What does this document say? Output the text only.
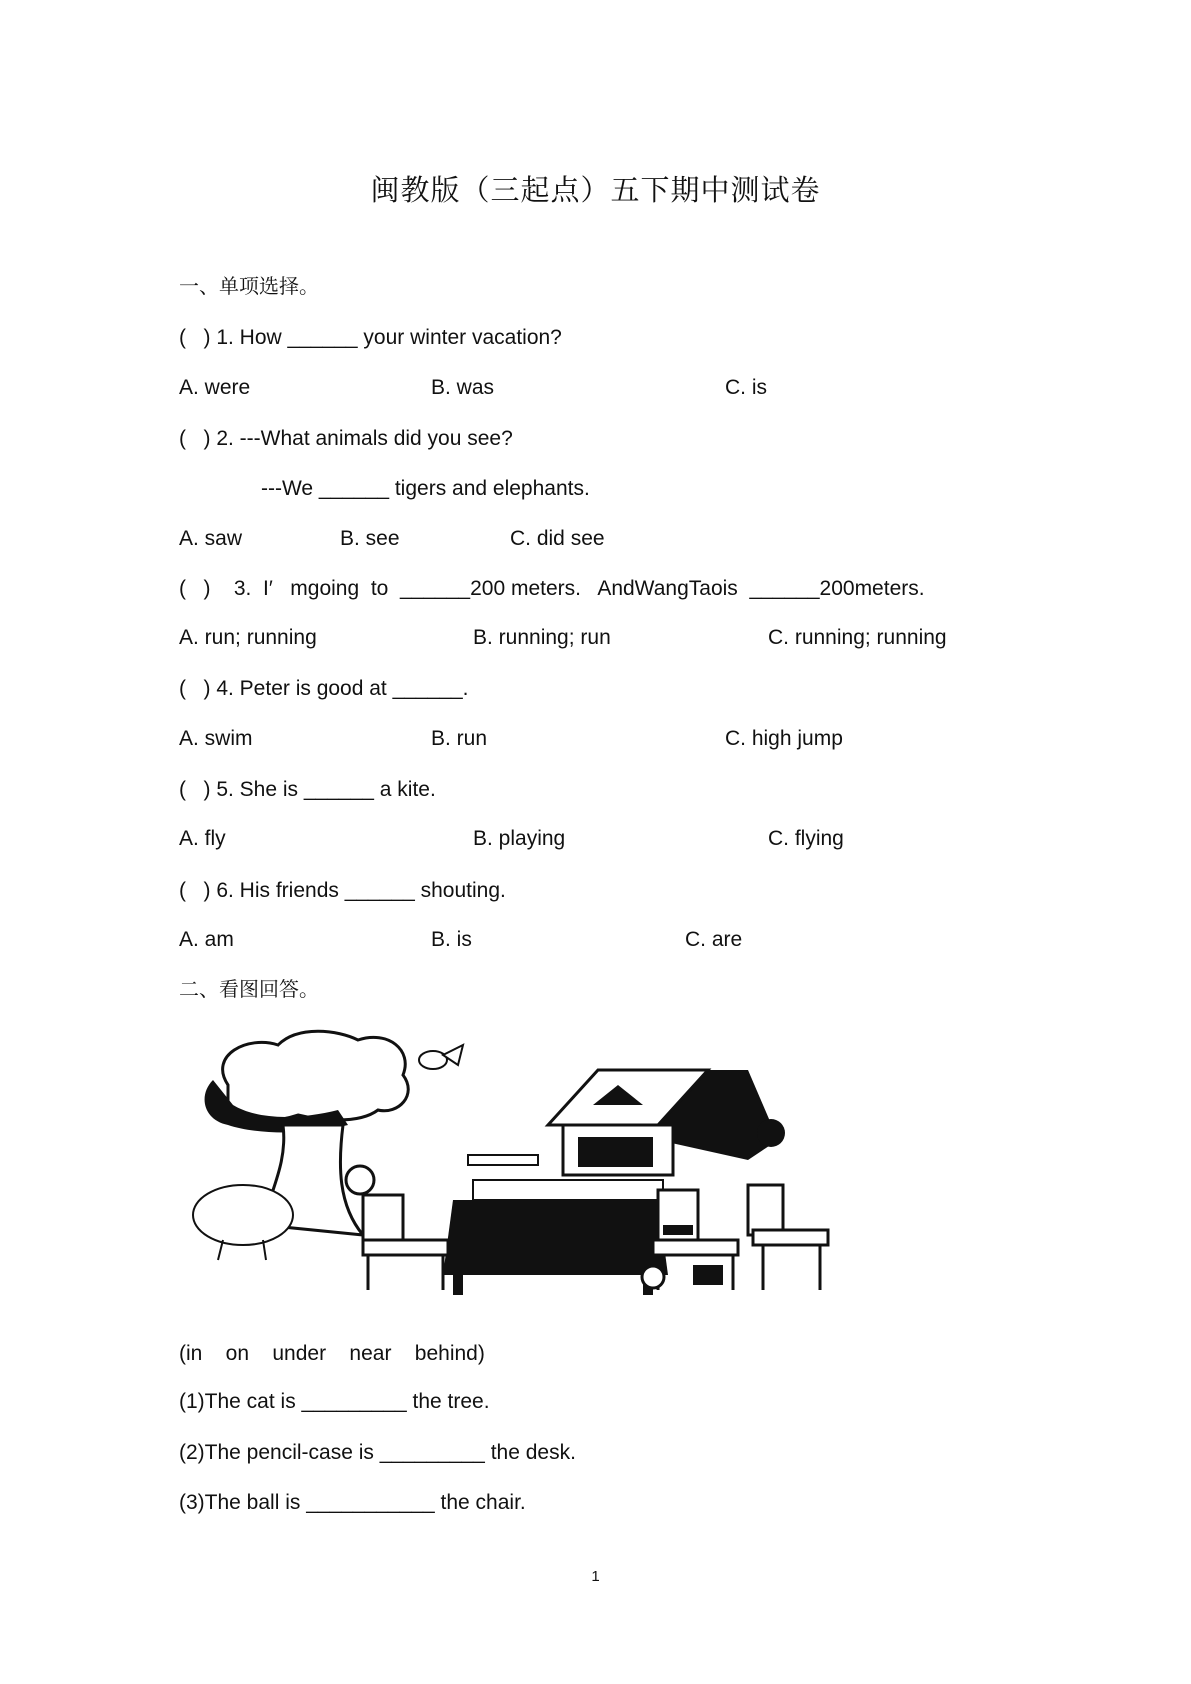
闽教版（三起点）五下期中测试卷
一、单项选择。
(   ) 1. How ______ your winter vacation?
A. were	B. was	C. is
(   ) 2. ---What animals did you see?
---We ______ tigers and elephants.
A. saw	B. see	C. did see
(   )    3.  I′   mgoing  to  ______200 meters.   AndWangTaois  ______200meters.
A. run; running	B. running; run	C. running; running
(   ) 4. Peter is good at ______.
A. swim	B. run	C. high jump
(   ) 5. She is ______ a kite.
A. fly	B. playing	C. flying
(   ) 6. His friends ______ shouting.
A. am	B. is	C. are
二、看图回答。
(in    on    under    near    behind)
(1)The cat is _________ the tree.
(2)The pencil-case is _________ the desk.
(3)The ball is ___________ the chair.
1
